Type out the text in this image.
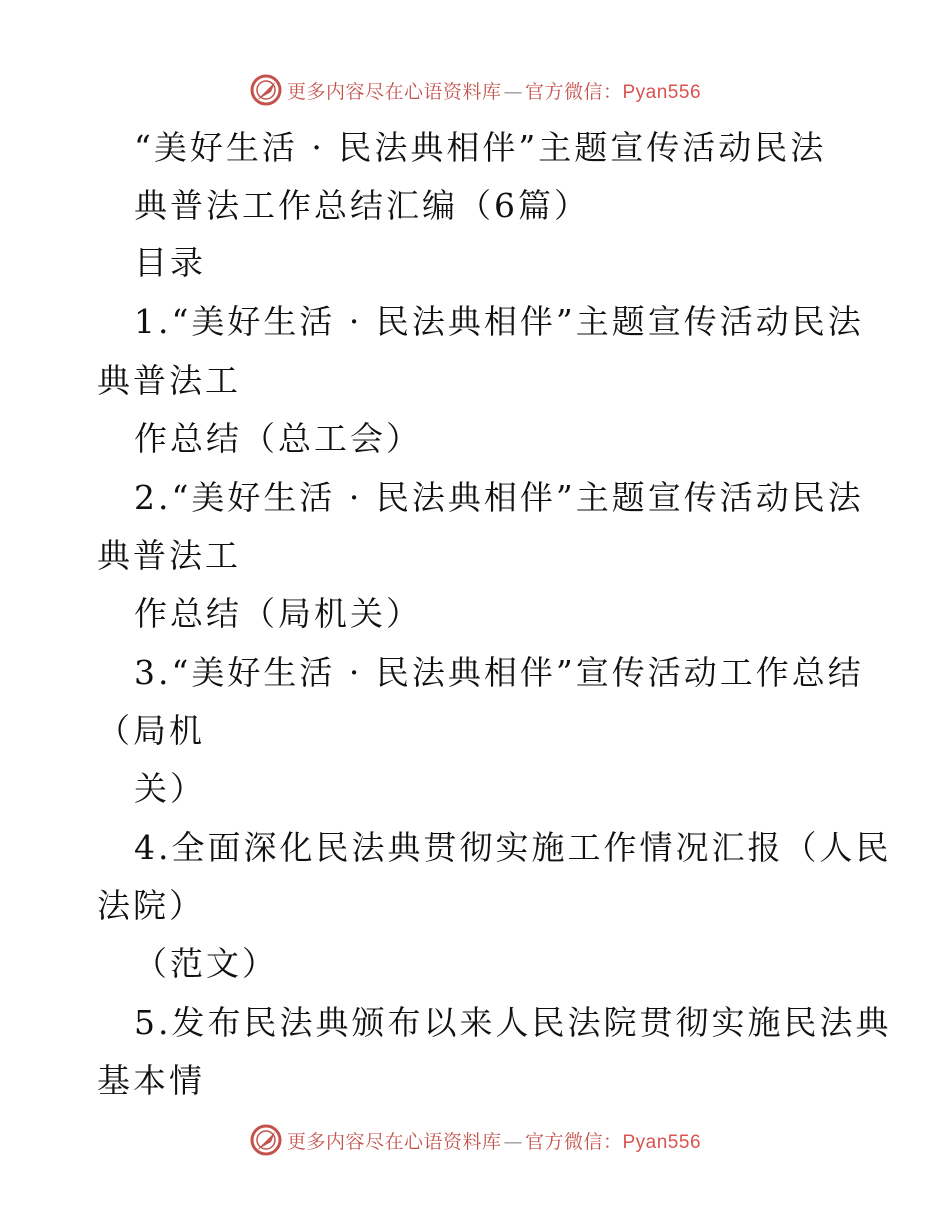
更多内容尽在心语资料库 — 官方微信：Pyan556
“美好生活 · 民法典相伴”主题宣传活动民法
典普法工作总结汇编（6篇）
目录
1.“美好生活 · 民法典相伴”主题宣传活动民法
典普法工
作总结（总工会）
2.“美好生活 · 民法典相伴”主题宣传活动民法
典普法工
作总结（局机关）
3.“美好生活 · 民法典相伴”宣传活动工作总结
（局机
关）
4.全面深化民法典贯彻实施工作情况汇报（人民
法院）
（范文）
5.发布民法典颁布以来人民法院贯彻实施民法典
基本情
更多内容尽在心语资料库 — 官方微信：Pyan556
